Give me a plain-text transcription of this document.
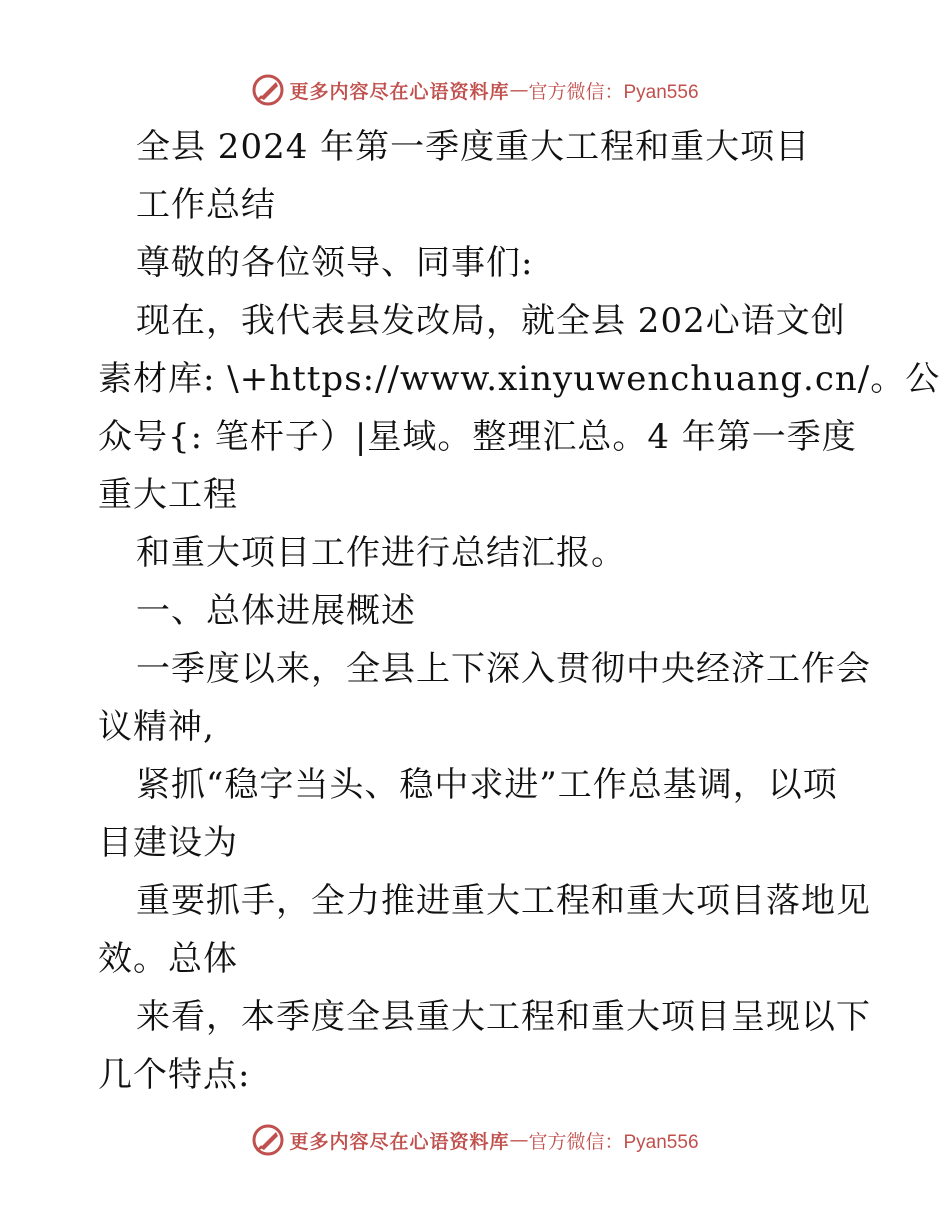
更多内容尽在心语资料库 — 官方微信：Pyan556

全县 2024 年第一季度重大工程和重大项目

工作总结

尊敬的各位领导、同事们:

现在，我代表县发改局，就全县 202心语文创

素材库: \+https://www.xinyuwenchuang.cn/。公

众号{: 笔杆子）|星域。整理汇总。4 年第一季度

重大工程

和重大项目工作进行总结汇报。

一、总体进展概述

一季度以来，全县上下深入贯彻中央经济工作会

议精神,

紧抓“稳字当头、稳中求进”工作总基调，以项

目建设为

重要抓手，全力推进重大工程和重大项目落地见

效。总体

来看，本季度全县重大工程和重大项目呈现以下

几个特点:

更多内容尽在心语资料库 — 官方微信：Pyan556
